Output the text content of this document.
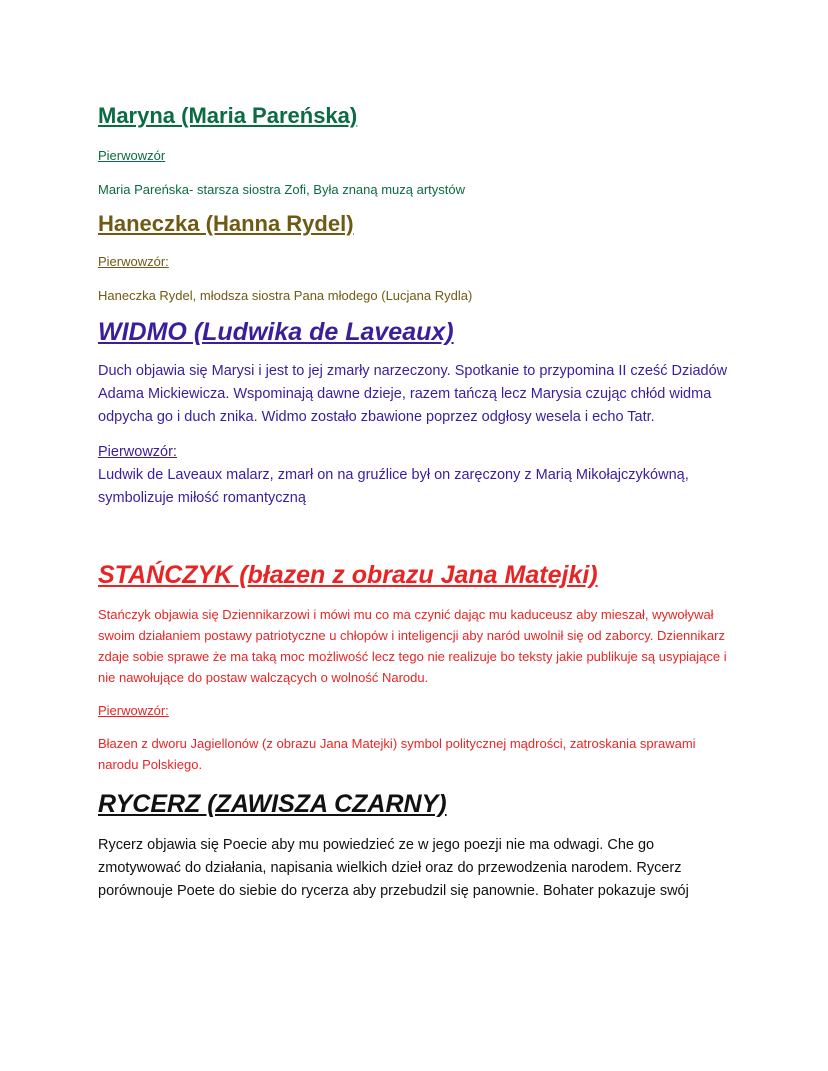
Maryna (Maria Pareńska)

Pierwowzór

Maria Pareńska- starsza siostra Zofi, Była znaną muzą artystów

Haneczka (Hanna Rydel)

Pierwowzór:

Haneczka Rydel, młodsza siostra Pana młodego (Lucjana Rydla)

WIDMO (Ludwika de Laveaux)

Duch objawia się Marysi i jest to jej zmarły narzeczony. Spotkanie to przypomina II cześć Dziadów Adama Mickiewicza. Wspominają dawne dzieje, razem tańczą lecz Marysia czując chłód widma odpycha go i duch znika. Widmo zostało zbawione poprzez odgłosy wesela i echo Tatr.

Pierwowzór:

Ludwik de Laveaux malarz, zmarł on na gruźlice był on zaręczony z Marią Mikołajczykówną, symbolizuje miłość romantyczną

STAŃCZYK (błazen z obrazu Jana Matejki)

Stańczyk objawia się Dziennikarzowi i mówi mu co ma czynić dając mu kaduceusz aby mieszał, wywoływał swoim działaniem postawy patriotyczne u chłopów i inteligencji aby naród uwolnił się od zaborcy. Dziennikarz zdaje sobie sprawe że ma taką moc możliwość lecz tego nie realizuje bo teksty jakie publikuje są usypiające i nie nawołujące do postaw walczących o wolność Narodu.

Pierwowzór:

Błazen z dworu Jagiellonów (z obrazu Jana Matejki) symbol politycznej mądrości, zatroskania sprawami narodu Polskiego.

RYCERZ (ZAWISZA CZARNY)

Rycerz objawia się Poecie aby mu powiedzieć ze w jego poezji nie ma odwagi. Che go zmotywować do działania, napisania wielkich dzieł oraz do przewodzenia narodem. Rycerz porównouje Poete do siebie do rycerza aby przebudzil się panownie. Bohater pokazuje swój
